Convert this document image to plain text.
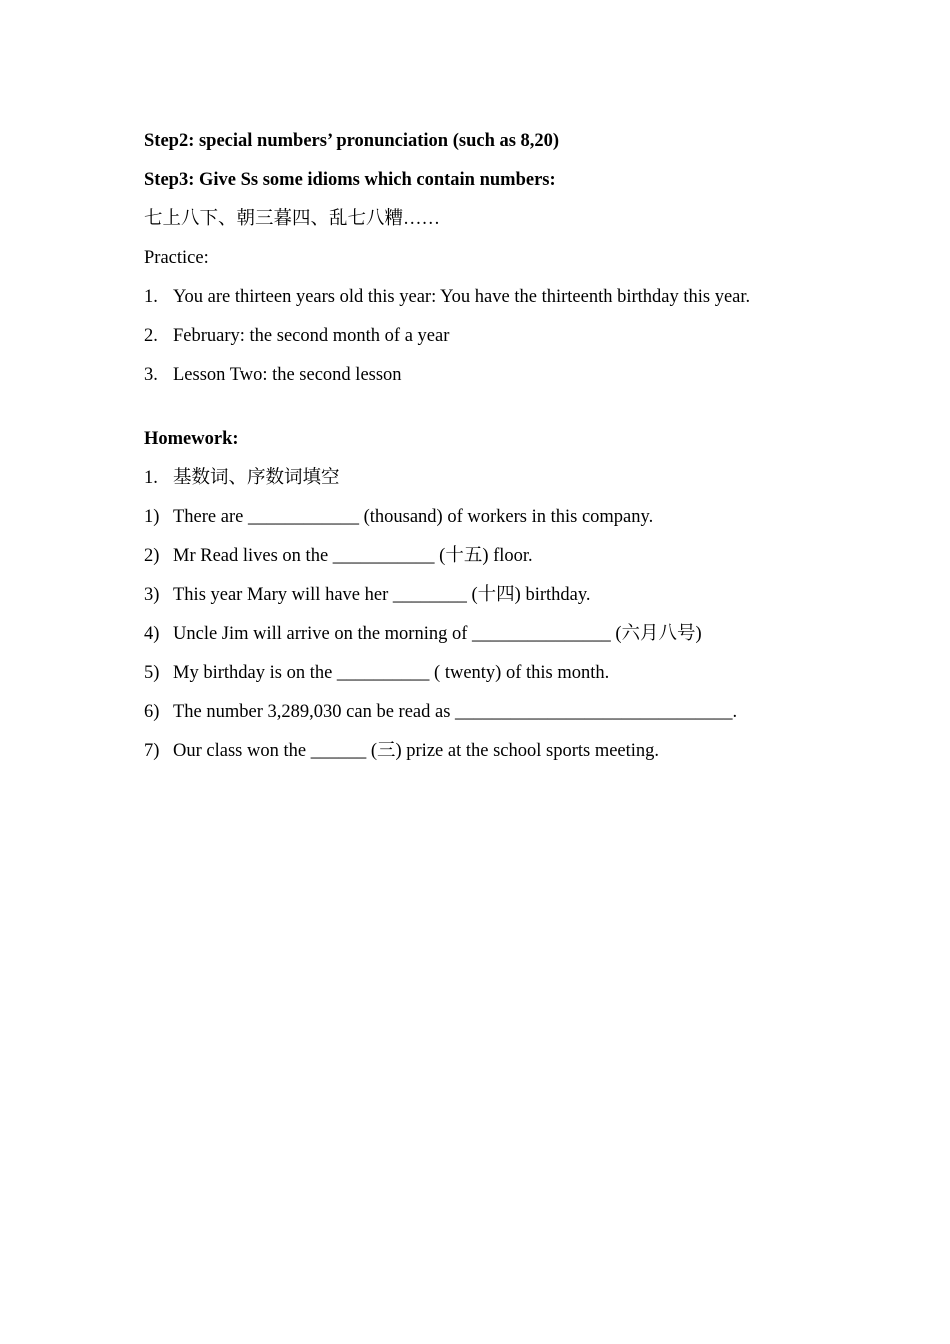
Step2: special numbers’ pronunciation (such as 8,20)
Step3: Give Ss some idioms which contain numbers:
七上八下、朝三暮四、乱七八糟……
Practice:
1. You are thirteen years old this year: You have the thirteenth birthday this year.
2. February: the second month of a year
3. Lesson Two: the second lesson
Homework:
1. 基数词、序数词填空
1) There are ____________ (thousand) of workers in this company.
2) Mr Read lives on the ___________ (十五) floor.
3) This year Mary will have her ________ (十四) birthday.
4) Uncle Jim will arrive on the morning of _______________ (六月八号)
5) My birthday is on the __________ ( twenty) of this month.
6) The number 3,289,030 can be read as ______________________________.
7) Our class won the ______ (三) prize at the school sports meeting.
